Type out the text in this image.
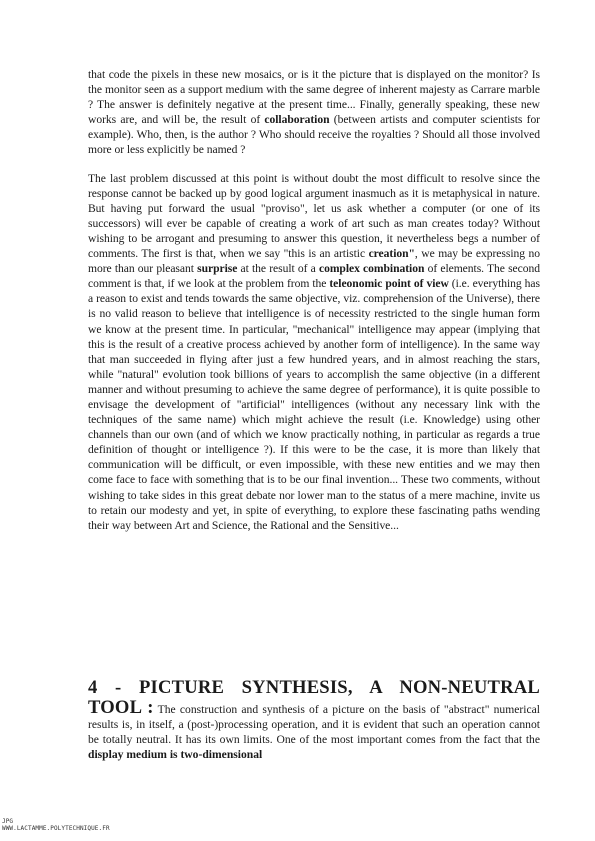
that code the pixels in these new mosaics, or is it the picture that is displayed on the monitor? Is the monitor seen as a support medium with the same degree of inherent majesty as Carrare marble ? The answer is definitely negative at the present time... Finally, generally speaking, these new works are, and will be, the result of collaboration (between artists and computer scientists for example). Who, then, is the author ? Who should receive the royalties ? Should all those involved more or less explicitly be named ?

The last problem discussed at this point is without doubt the most difficult to resolve since the response cannot be backed up by good logical argument inasmuch as it is metaphysical in nature. But having put forward the usual "proviso", let us ask whether a computer (or one of its successors) will ever be capable of creating a work of art such as man creates today? Without wishing to be arrogant and presuming to answer this question, it nevertheless begs a number of comments. The first is that, when we say "this is an artistic creation", we may be expressing no more than our pleasant surprise at the result of a complex combination of elements. The second comment is that, if we look at the problem from the teleonomic point of view (i.e. everything has a reason to exist and tends towards the same objective, viz. comprehension of the Universe), there is no valid reason to believe that intelligence is of necessity restricted to the single human form we know at the present time. In particular, "mechanical" intelligence may appear (implying that this is the result of a creative process achieved by another form of intelligence). In the same way that man succeeded in flying after just a few hundred years, and in almost reaching the stars, while "natural" evolution took billions of years to accomplish the same objective (in a different manner and without presuming to achieve the same degree of performance), it is quite possible to envisage the development of "artificial" intelligences (without any necessary link with the techniques of the same name) which might achieve the result (i.e. Knowledge) using other channels than our own (and of which we know practically nothing, in particular as regards a true definition of thought or intelligence ?). If this were to be the case, it is more than likely that communication will be difficult, or even impossible, with these new entities and we may then come face to face with something that is to be our final invention... These two comments, without wishing to take sides in this great debate nor lower man to the status of a mere machine, invite us to retain our modesty and yet, in spite of everything, to explore these fascinating paths wending their way between Art and Science, the Rational and the Sensitive...

4 - PICTURE SYNTHESIS, A NON-NEUTRAL
TOOL : The construction and synthesis of a picture on the basis of "abstract" numerical results is, in itself, a (post-)processing operation, and it is evident that such an operation cannot be totally neutral. It has its own limits. One of the most important comes from the fact that the display medium is two-dimensional
JPG
WWW.LACTAMME.POLYTECHNIQUE.FR
